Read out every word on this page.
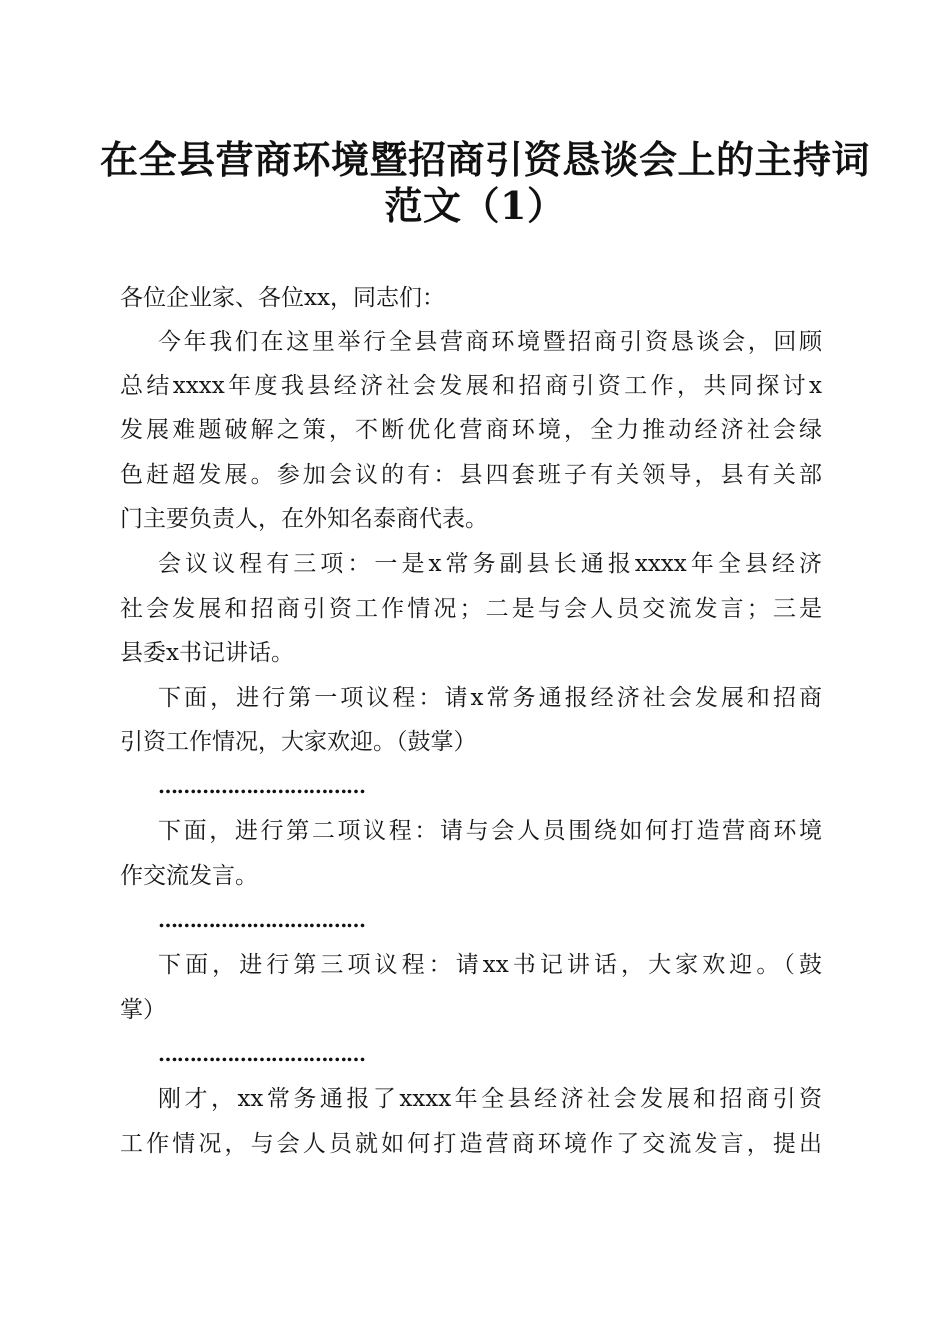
在全县营商环境暨招商引资恳谈会上的主持词
范文（1）
各位企业家、各位xx，同志们：
今年我们在这里举行全县营商环境暨招商引资恳谈会，回顾
总结xxxx年度我县经济社会发展和招商引资工作，共同探讨x
发展难题破解之策，不断优化营商环境，全力推动经济社会绿
色赶超发展。参加会议的有：县四套班子有关领导，县有关部
门主要负责人，在外知名泰商代表。
会议议程有三项：一是x常务副县长通报xxxx年全县经济
社会发展和招商引资工作情况；二是与会人员交流发言；三是
县委x书记讲话。
下面，进行第一项议程：请x常务通报经济社会发展和招商
引资工作情况，大家欢迎。（鼓掌）
……………………………
下面，进行第二项议程：请与会人员围绕如何打造营商环境
作交流发言。
……………………………
下面，进行第三项议程：请xx书记讲话，大家欢迎。（鼓
掌）
……………………………
刚才，xx常务通报了xxxx年全县经济社会发展和招商引资
工作情况，与会人员就如何打造营商环境作了交流发言，提出
